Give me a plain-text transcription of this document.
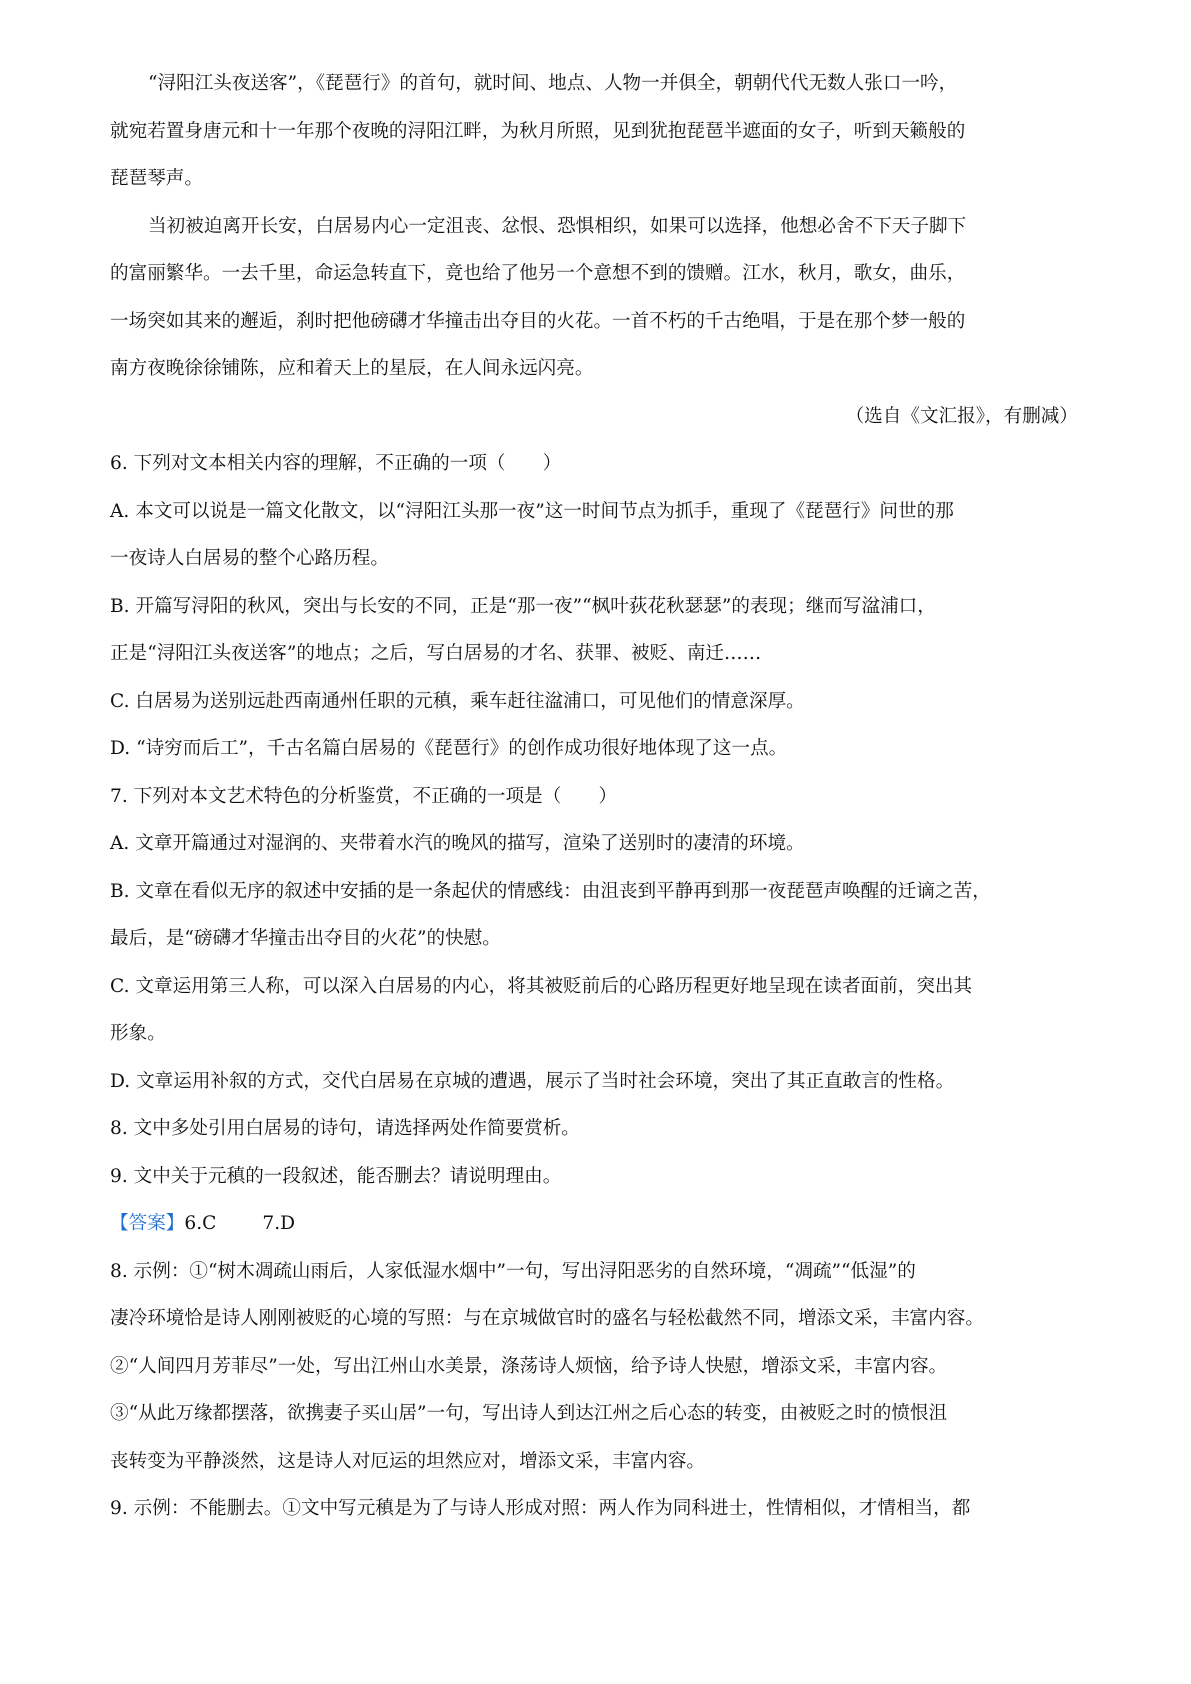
“浔阳江头夜送客”，《琵琶行》的首句，就时间、地点、人物一并俱全，朝朝代代无数人张口一吟，
就宛若置身唐元和十一年那个夜晚的浔阳江畔，为秋月所照，见到犹抱琵琶半遮面的女子，听到天籁般的
琵琶琴声。
当初被迫离开长安，白居易内心一定沮丧、忿恨、恐惧相织，如果可以选择，他想必舍不下天子脚下
的富丽繁华。一去千里，命运急转直下，竟也给了他另一个意想不到的馈赠。江水，秋月，歌女，曲乐，
一场突如其来的邂逅，刹时把他磅礴才华撞击出夺目的火花。一首不朽的千古绝唱，于是在那个梦一般的
南方夜晚徐徐铺陈，应和着天上的星辰，在人间永远闪亮。
（选自《文汇报》，有删减）
6. 下列对文本相关内容的理解，不正确的一项（　　）
A. 本文可以说是一篇文化散文，以“浔阳江头那一夜”这一时间节点为抓手，重现了《琵琶行》问世的那
一夜诗人白居易的整个心路历程。
B. 开篇写浔阳的秋风，突出与长安的不同，正是“那一夜”“枫叶荻花秋瑟瑟”的表现；继而写湓浦口，
正是“浔阳江头夜送客”的地点；之后，写白居易的才名、获罪、被贬、南迁……
C. 白居易为送别远赴西南通州任职的元稹，乘车赶往湓浦口，可见他们的情意深厚。
D. “诗穷而后工”，千古名篇白居易的《琵琶行》的创作成功很好地体现了这一点。
7. 下列对本文艺术特色的分析鉴赏，不正确的一项是（　　）
A. 文章开篇通过对湿润的、夹带着水汽的晚风的描写，渲染了送别时的凄清的环境。
B. 文章在看似无序的叙述中安插的是一条起伏的情感线：由沮丧到平静再到那一夜琵琶声唤醒的迁谪之苦，
最后，是“磅礴才华撞击出夺目的火花”的快慰。
C. 文章运用第三人称，可以深入白居易的内心，将其被贬前后的心路历程更好地呈现在读者面前，突出其
形象。
D. 文章运用补叙的方式，交代白居易在京城的遭遇，展示了当时社会环境，突出了其正直敢言的性格。
8. 文中多处引用白居易的诗句，请选择两处作简要赏析。
9. 文中关于元稹的一段叙述，能否删去？请说明理由。
【答案】6.C 7.D
8. 示例：①“树木凋疏山雨后，人家低湿水烟中”一句，写出浔阳恶劣的自然环境，“凋疏”“低湿”的
凄冷环境恰是诗人刚刚被贬的心境的写照：与在京城做官时的盛名与轻松截然不同，增添文采，丰富内容。
②“人间四月芳菲尽”一处，写出江州山水美景，涤荡诗人烦恼，给予诗人快慰，增添文采，丰富内容。
③“从此万缘都摆落，欲携妻子买山居”一句，写出诗人到达江州之后心态的转变，由被贬之时的愤恨沮
丧转变为平静淡然，这是诗人对厄运的坦然应对，增添文采，丰富内容。
9. 示例：不能删去。①文中写元稹是为了与诗人形成对照：两人作为同科进士，性情相似，才情相当，都
